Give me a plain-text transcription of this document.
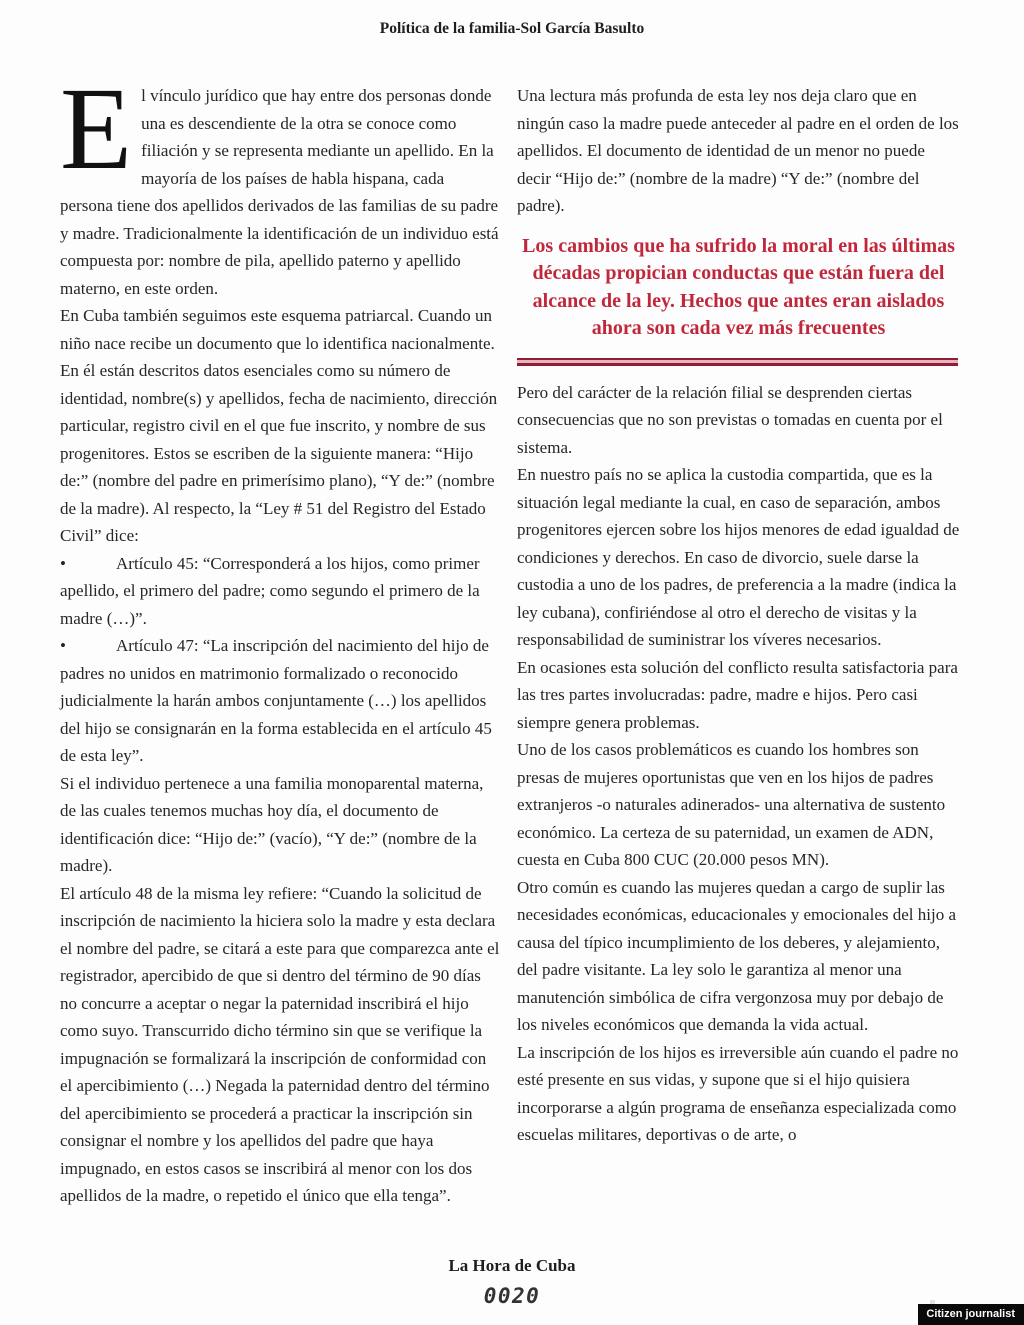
Política de la familia-Sol García Basulto

El vínculo jurídico que hay entre dos personas donde una es descendiente de la otra se conoce como filiación y se representa mediante un apellido. En la mayoría de los países de habla hispana, cada persona tiene dos apellidos derivados de las familias de su padre y madre. Tradicionalmente la identificación de un individuo está compuesta por: nombre de pila, apellido paterno y apellido materno, en este orden.

En Cuba también seguimos este esquema patriarcal. Cuando un niño nace recibe un documento que lo identifica nacionalmente. En él están descritos datos esenciales como su número de identidad, nombre(s) y apellidos, fecha de nacimiento, dirección particular, registro civil en el que fue inscrito, y nombre de sus progenitores. Estos se escriben de la siguiente manera: “Hijo de:” (nombre del padre en primerísimo plano), “Y de:” (nombre de la madre). Al respecto, la “Ley # 51 del Registro del Estado Civil” dice:

•	Artículo 45: “Corresponderá a los hijos, como primer apellido, el primero del padre; como segundo el primero de la madre (…)”.

•	Artículo 47: “La inscripción del nacimiento del hijo de padres no unidos en matrimonio formalizado o reconocido judicialmente la harán ambos conjuntamente (…) los apellidos del hijo se consignarán en la forma establecida en el artículo 45 de esta ley”.

Si el individuo pertenece a una familia monoparental materna, de las cuales tenemos muchas hoy día, el documento de identificación dice: “Hijo de:” (vacío), “Y de:” (nombre de la madre).

El artículo 48 de la misma ley refiere: “Cuando la solicitud de inscripción de nacimiento la hiciera solo la madre y esta declara el nombre del padre, se citará a este para que comparezca ante el registrador, apercibido de que si dentro del término de 90 días no concurre a aceptar o negar la paternidad inscribirá el hijo como suyo. Transcurrido dicho término sin que se verifique la impugnación se formalizará la inscripción de conformidad con el apercibimiento (…) Negada la paternidad dentro del término del apercibimiento se procederá a practicar la inscripción sin consignar el nombre y los apellidos del padre que haya impugnado, en estos casos se inscribirá al menor con los dos apellidos de la madre, o repetido el único que ella tenga”.

Una lectura más profunda de esta ley nos deja claro que en ningún caso la madre puede anteceder al padre en el orden de los apellidos. El documento de identidad de un menor no puede decir “Hijo de:” (nombre de la madre) “Y de:” (nombre del padre).

Los cambios que ha sufrido la moral en las últimas décadas propician conductas que están fuera del alcance de la ley. Hechos que antes eran aislados ahora son cada vez más frecuentes

Pero del carácter de la relación filial se desprenden ciertas consecuencias que no son previstas o tomadas en cuenta por el sistema.

En nuestro país no se aplica la custodia compartida, que es la situación legal mediante la cual, en caso de separación, ambos progenitores ejercen sobre los hijos menores de edad igualdad de condiciones y derechos. En caso de divorcio, suele darse la custodia a uno de los padres, de preferencia a la madre (indica la ley cubana), confiriéndose al otro el derecho de visitas y la responsabilidad de suministrar los víveres necesarios.

En ocasiones esta solución del conflicto resulta satisfactoria para las tres partes involucradas: padre, madre e hijos. Pero casi siempre genera problemas.

Uno de los casos problemáticos es cuando los hombres son presas de mujeres oportunistas que ven en los hijos de padres extranjeros -o naturales adinerados- una alternativa de sustento económico. La certeza de su paternidad, un examen de ADN, cuesta en Cuba 800 CUC (20.000 pesos MN).

Otro común es cuando las mujeres quedan a cargo de suplir las necesidades económicas, educacionales y emocionales del hijo a causa del típico incumplimiento de los deberes, y alejamiento, del padre visitante. La ley solo le garantiza al menor una manutención simbólica de cifra vergonzosa muy por debajo de los niveles económicos que demanda la vida actual.

La inscripción de los hijos es irreversible aún cuando el padre no esté presente en sus vidas, y supone que si el hijo quisiera incorporarse a algún programa de enseñanza especializada como escuelas militares, deportivas o de arte, o

La Hora de Cuba
0020
Citizen journalist
